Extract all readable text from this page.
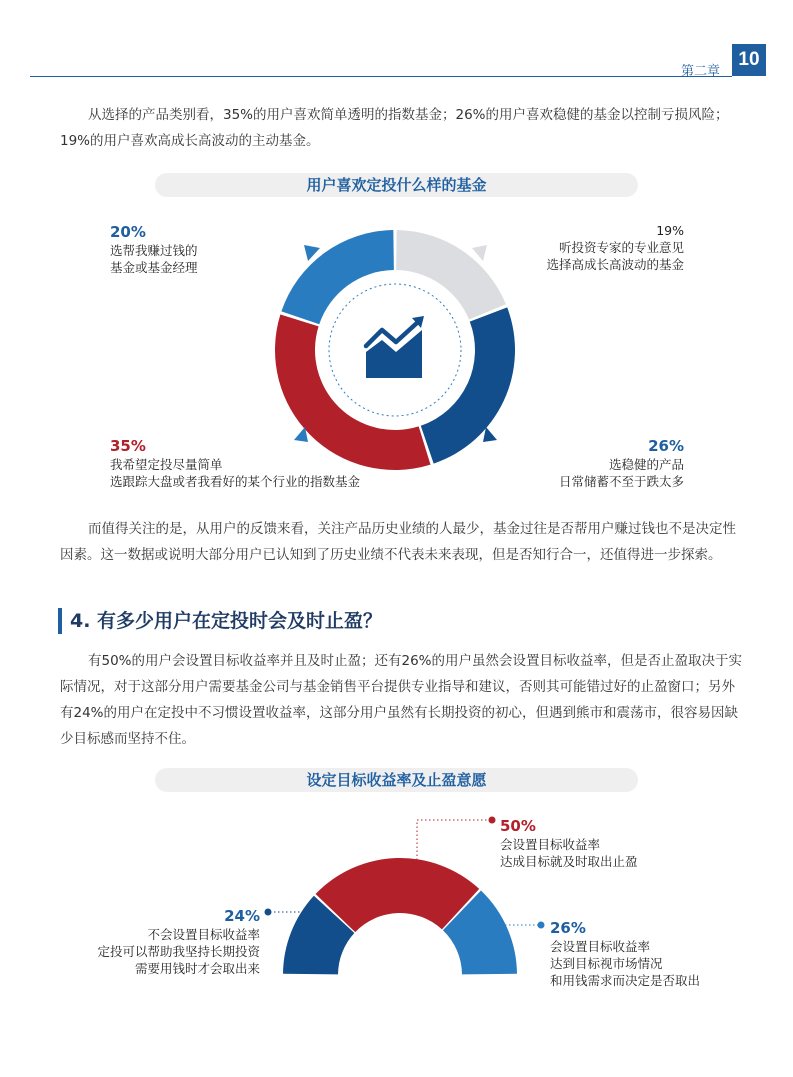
第二章
10

从选择的产品类别看，35%的用户喜欢简单透明的指数基金；26%的用户喜欢稳健的基金以控制亏损风险；19%的用户喜欢高成长高波动的主动基金。

用户喜欢定投什么样的基金
20%
选帮我赚过钱的
基金或基金经理
19%
听投资专家的专业意见
选择高成长高波动的基金
35%
我希望定投尽量简单
选跟踪大盘或者我看好的某个行业的指数基金
26%
选稳健的产品
日常储蓄不至于跌太多

而值得关注的是，从用户的反馈来看，关注产品历史业绩的人最少，基金过往是否帮用户赚过钱也不是决定性因素。这一数据或说明大部分用户已认知到了历史业绩不代表未来表现，但是否知行合一，还值得进一步探索。

4. 有多少用户在定投时会及时止盈？

有50%的用户会设置目标收益率并且及时止盈；还有26%的用户虽然会设置目标收益率，但是否止盈取决于实际情况，对于这部分用户需要基金公司与基金销售平台提供专业指导和建议，否则其可能错过好的止盈窗口；另外有24%的用户在定投中不习惯设置收益率，这部分用户虽然有长期投资的初心，但遇到熊市和震荡市，很容易因缺少目标感而坚持不住。

设定目标收益率及止盈意愿
50%
会设置目标收益率
达成目标就及时取出止盈
24%
不会设置目标收益率
定投可以帮助我坚持长期投资
需要用钱时才会取出来
26%
会设置目标收益率
达到目标视市场情况
和用钱需求而决定是否取出
